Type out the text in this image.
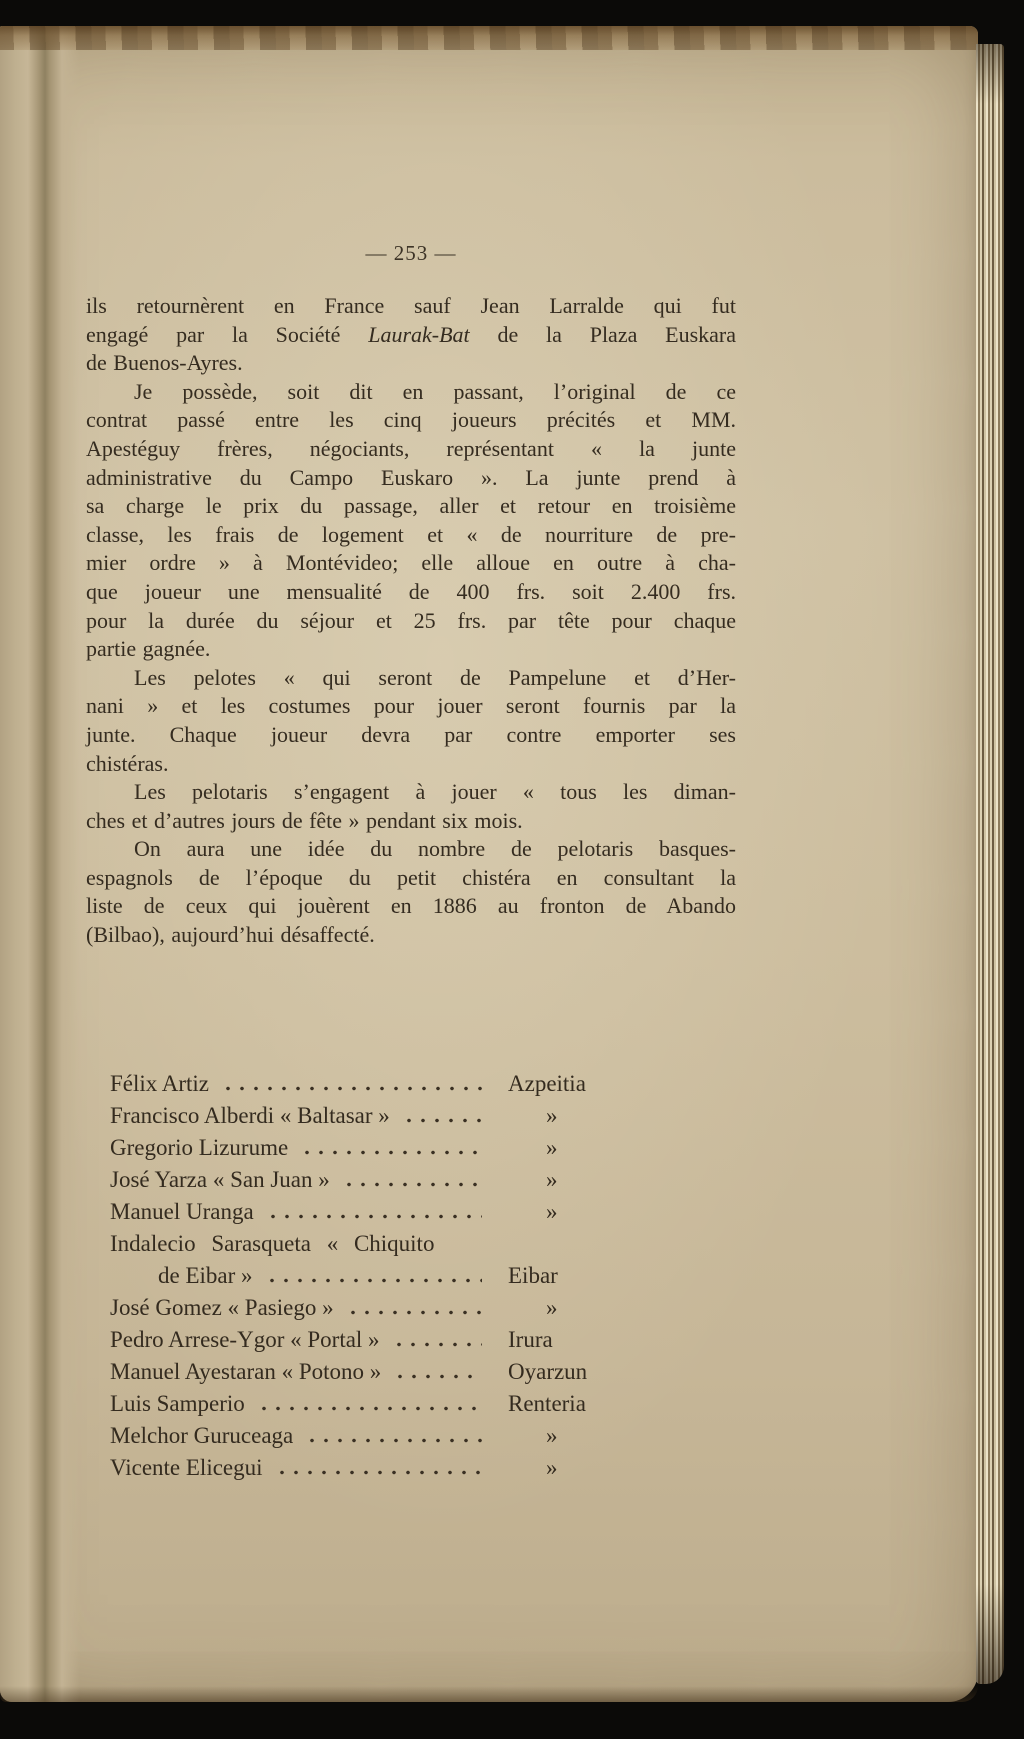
— 253 —
ils retournèrent en France sauf Jean Larralde qui fut
engagé par la Société Laurak-Bat de la Plaza Euskara
de Buenos-Ayres.
Je possède, soit dit en passant, l’original de ce
contrat passé entre les cinq joueurs précités et MM.
Apestéguy frères, négociants, représentant « la junte
administrative du Campo Euskaro ». La junte prend à
sa charge le prix du passage, aller et retour en troisième
classe, les frais de logement et « de nourriture de pre-
mier ordre » à Montévideo; elle alloue en outre à cha-
que joueur une mensualité de 400 frs. soit 2.400 frs.
pour la durée du séjour et 25 frs. par tête pour chaque
partie gagnée.
Les pelotes « qui seront de Pampelune et d’Her-
nani » et les costumes pour jouer seront fournis par la
junte. Chaque joueur devra par contre emporter ses
chistéras.
Les pelotaris s’engagent à jouer « tous les diman-
ches et d’autres jours de fête » pendant six mois.
On aura une idée du nombre de pelotaris basques-
espagnols de l’époque du petit chistéra en consultant la
liste de ceux qui jouèrent en 1886 au fronton de Abando
(Bilbao), aujourd’hui désaffecté.
Félix Artiz	Azpeitia
Francisco Alberdi « Baltasar »	»
Gregorio Lizurume	»
José Yarza « San Juan »	»
Manuel Uranga	»
Indalecio Sarasqueta « Chiquito
de Eibar »	Eibar
José Gomez « Pasiego »	»
Pedro Arrese-Ygor « Portal »	Irura
Manuel Ayestaran « Potono »	Oyarzun
Luis Samperio	Renteria
Melchor Guruceaga	»
Vicente Elicegui	»
